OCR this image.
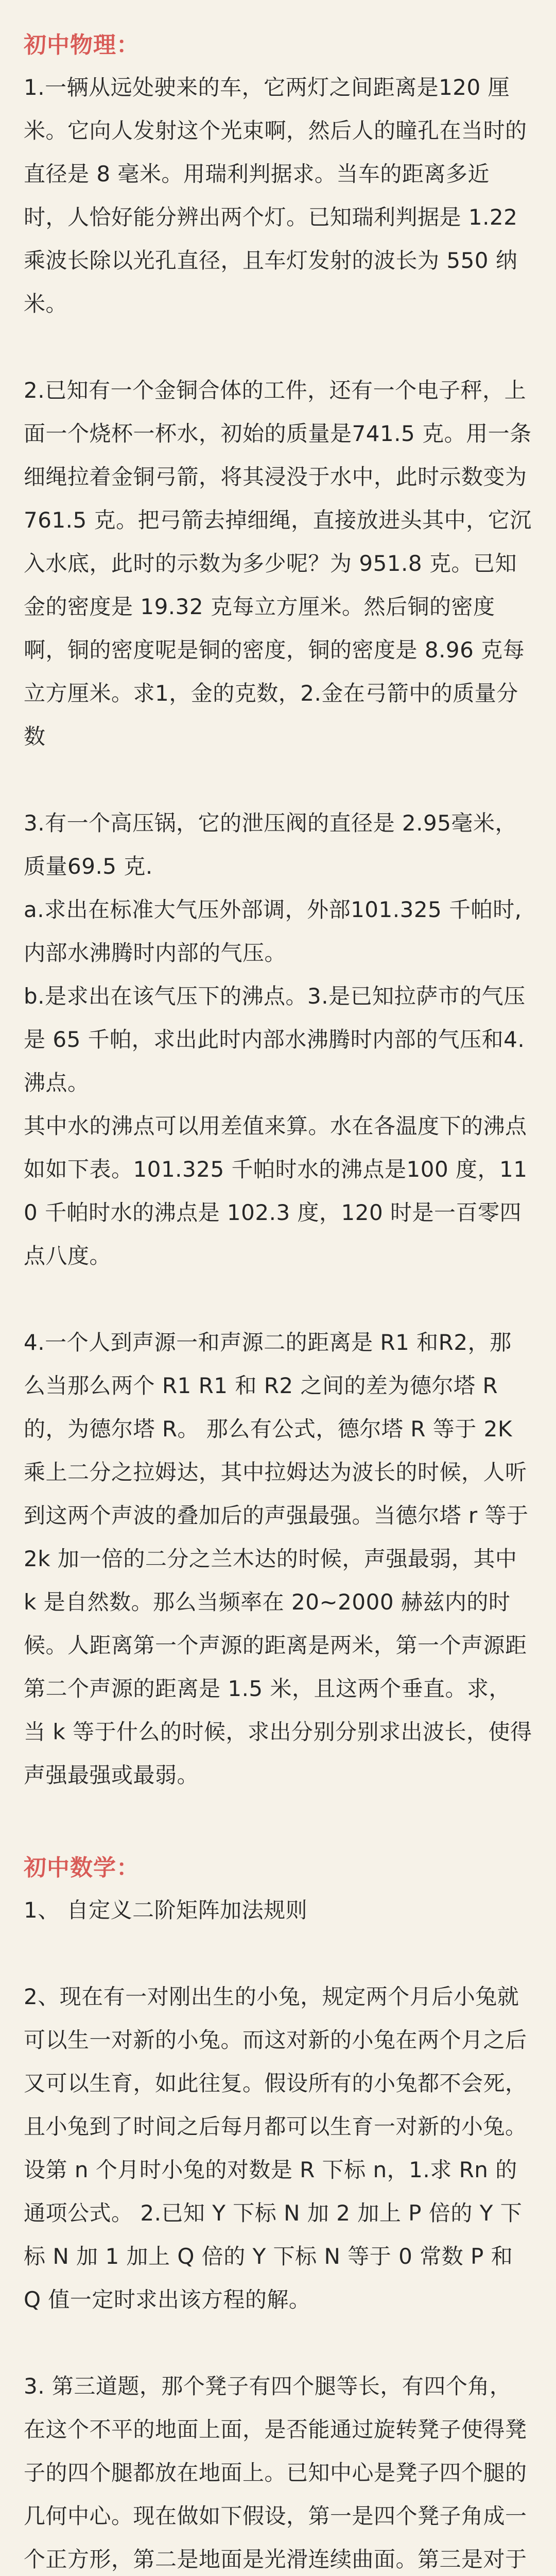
初中物理：

1.一辆从远处驶来的车，它两灯之间距离是120 厘米。它向人发射这个光束啊，然后人的瞳孔在当时的直径是 8 毫米。用瑞利判据求。当车的距离多近时，人恰好能分辨出两个灯。已知瑞利判据是 1.22 乘波长除以光孔直径，且车灯发射的波长为 550 纳米。

2.已知有一个金铜合体的工件，还有一个电子秤，上面一个烧杯一杯水，初始的质量是741.5 克。用一条细绳拉着金铜弓箭，将其浸没于水中，此时示数变为 761.5 克。把弓箭去掉细绳，直接放进头其中，它沉入水底，此时的示数为多少呢？为 951.8 克。已知金的密度是 19.32 克每立方厘米。然后铜的密度啊，铜的密度呢是铜的密度，铜的密度是 8.96 克每立方厘米。求1，金的克数，2.金在弓箭中的质量分数

3.有一个高压锅，它的泄压阀的直径是 2.95毫米，质量69.5 克.
a.求出在标准大气压外部调，外部101.325 千帕时,内部水沸腾时内部的气压。
b.是求出在该气压下的沸点。3.是已知拉萨市的气压是 65 千帕，求出此时内部水沸腾时内部的气压和4.沸点。
其中水的沸点可以用差值来算。水在各温度下的沸点如如下表。101.325 千帕时水的沸点是100 度，110 千帕时水的沸点是 102.3 度，120 时是一百零四点八度。

4.一个人到声源一和声源二的距离是 R1 和R2，那么当那么两个 R1 R1 和 R2 之间的差为德尔塔 R 的，为德尔塔 R。 那么有公式，德尔塔 R 等于 2K 乘上二分之拉姆达，其中拉姆达为波长的时候，人听到这两个声波的叠加后的声强最强。当德尔塔 r 等于 2k 加一倍的二分之兰木达的时候，声强最弱，其中 k 是自然数。那么当频率在 20~2000 赫兹内的时候。人距离第一个声源的距离是两米，第一个声源距第二个声源的距离是 1.5 米，且这两个垂直。求，当 k 等于什么的时候，求出分别分别求出波长，使得声强最强或最弱。

初中数学：

1、 自定义二阶矩阵加法规则

2、现在有一对刚出生的小兔，规定两个月后小兔就可以生一对新的小兔。而这对新的小兔在两个月之后又可以生育，如此往复。假设所有的小兔都不会死，且小兔到了时间之后每月都可以生育一对新的小兔。设第 n 个月时小兔的对数是 R 下标 n，1.求 Rn 的通项公式。 2.已知 Y 下标 N 加 2 加上 P 倍的 Y 下标 N 加 1 加上 Q 倍的 Y 下标 N 等于 0 常数 P 和 Q 值一定时求出该方程的解。

3. 第三道题，那个凳子有四个腿等长，有四个角，在这个不平的地面上面，是否能通过旋转凳子使得凳子的四个腿都放在地面上。已知中心是凳子四个腿的几何中心。现在做如下假设，第一是四个凳子角成一个正方形，第二是地面是光滑连续曲面。第三是对于
